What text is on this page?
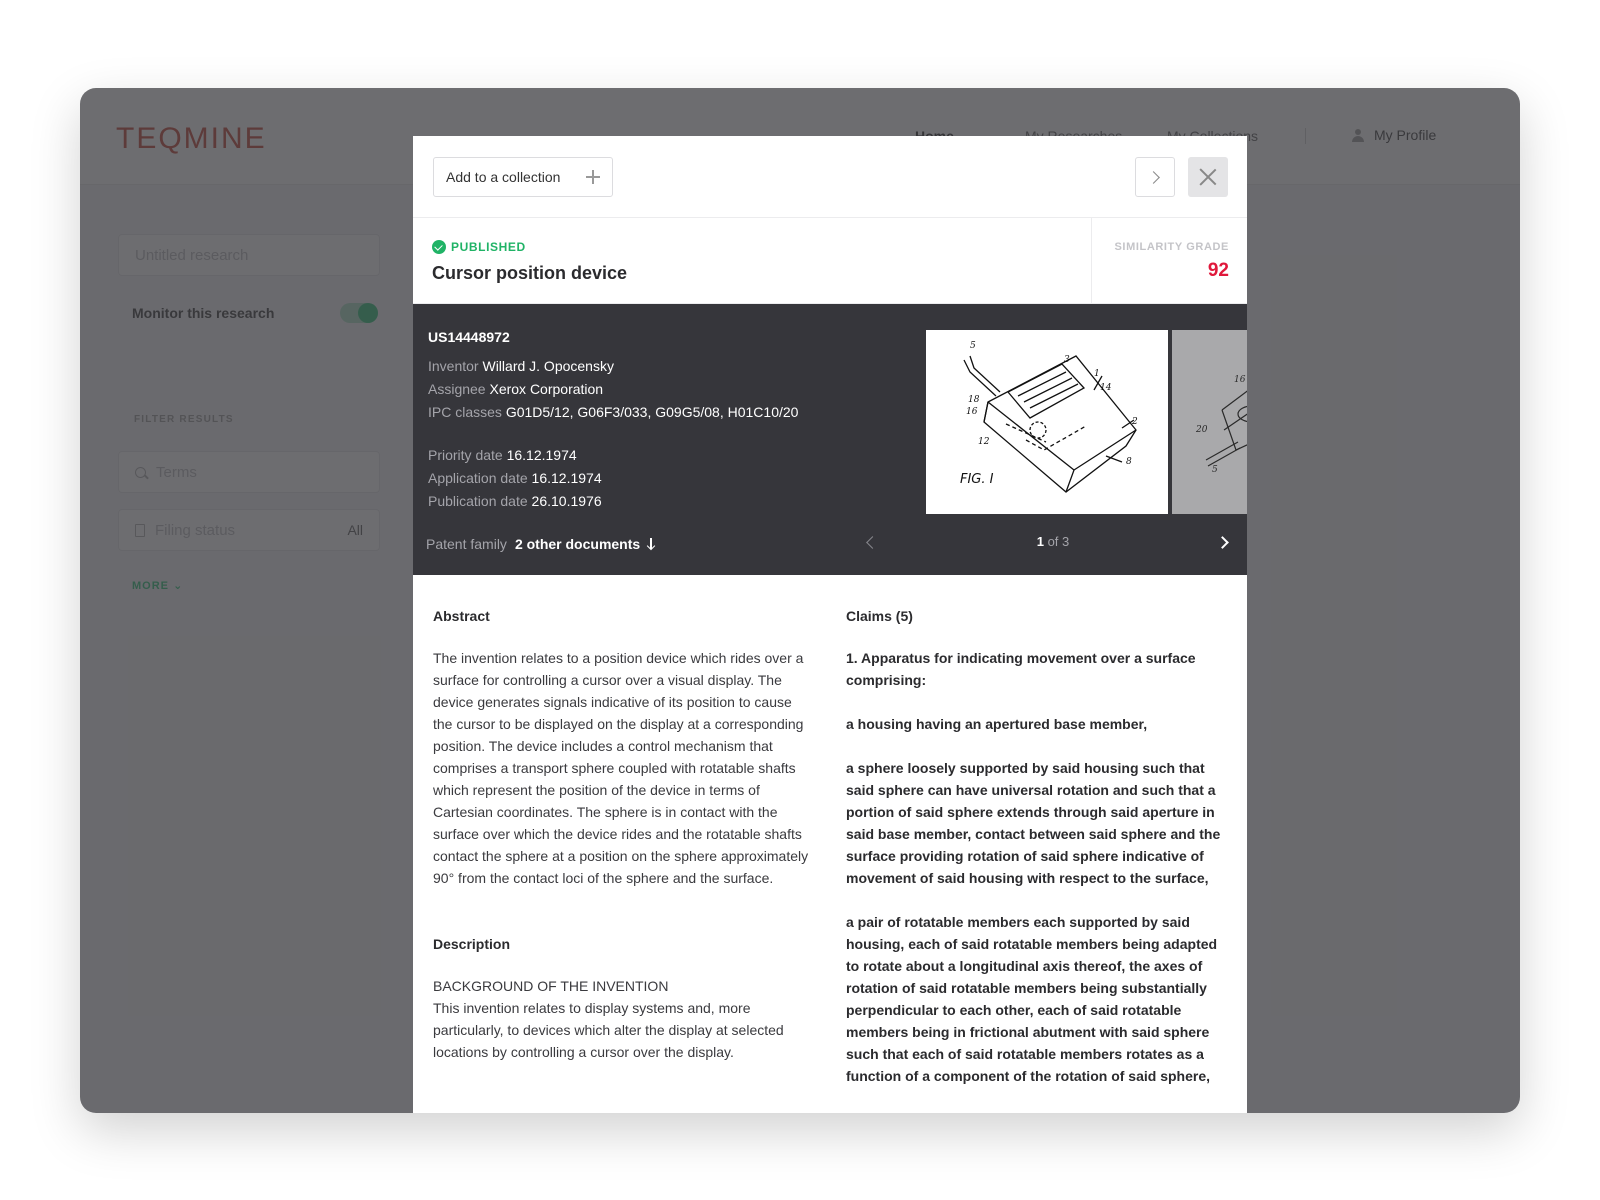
Add to a collection
PUBLISHED
Cursor position device
SIMILARITY GRADE
92
US14448972
Inventor Willard J. Opocensky
Assignee Xerox Corporation
IPC classes G01D5/12, G06F3/033, G09G5/08, H01C10/20
Priority date 16.12.1974
Application date 16.12.1974
Publication date 26.10.1976
Patent family 2 other documents
5
3
1
14
2
8
18
16
12
FIG. I
16
20
5
1 of 3
Abstract
The invention relates to a position device which rides over a surface for controlling a cursor over a visual display. The device generates signals indicative of its position to cause the cursor to be displayed on the display at a corresponding position. The device includes a control mechanism that comprises a transport sphere coupled with rotatable shafts which represent the position of the device in terms of Cartesian coordinates. The sphere is in contact with the surface over which the device rides and the rotatable shafts contact the sphere at a position on the sphere approximately 90° from the contact loci of the sphere and the surface.
Description
BACKGROUND OF THE INVENTION
This invention relates to display systems and, more particularly, to devices which alter the display at selected locations by controlling a cursor over the display.
Claims (5)
1. Apparatus for indicating movement over a surface comprising:
a housing having an apertured base member,
a sphere loosely supported by said housing such that said sphere can have universal rotation and such that a portion of said sphere extends through said aperture in said base member, contact between said sphere and the surface providing rotation of said sphere indicative of movement of said housing with respect to the surface,
a pair of rotatable members each supported by said housing, each of said rotatable members being adapted to rotate about a longitudinal axis thereof, the axes of rotation of said rotatable members being substantially perpendicular to each other, each of said rotatable members being in frictional abutment with said sphere such that each of said rotatable members rotates as a function of a component of the rotation of said sphere,
